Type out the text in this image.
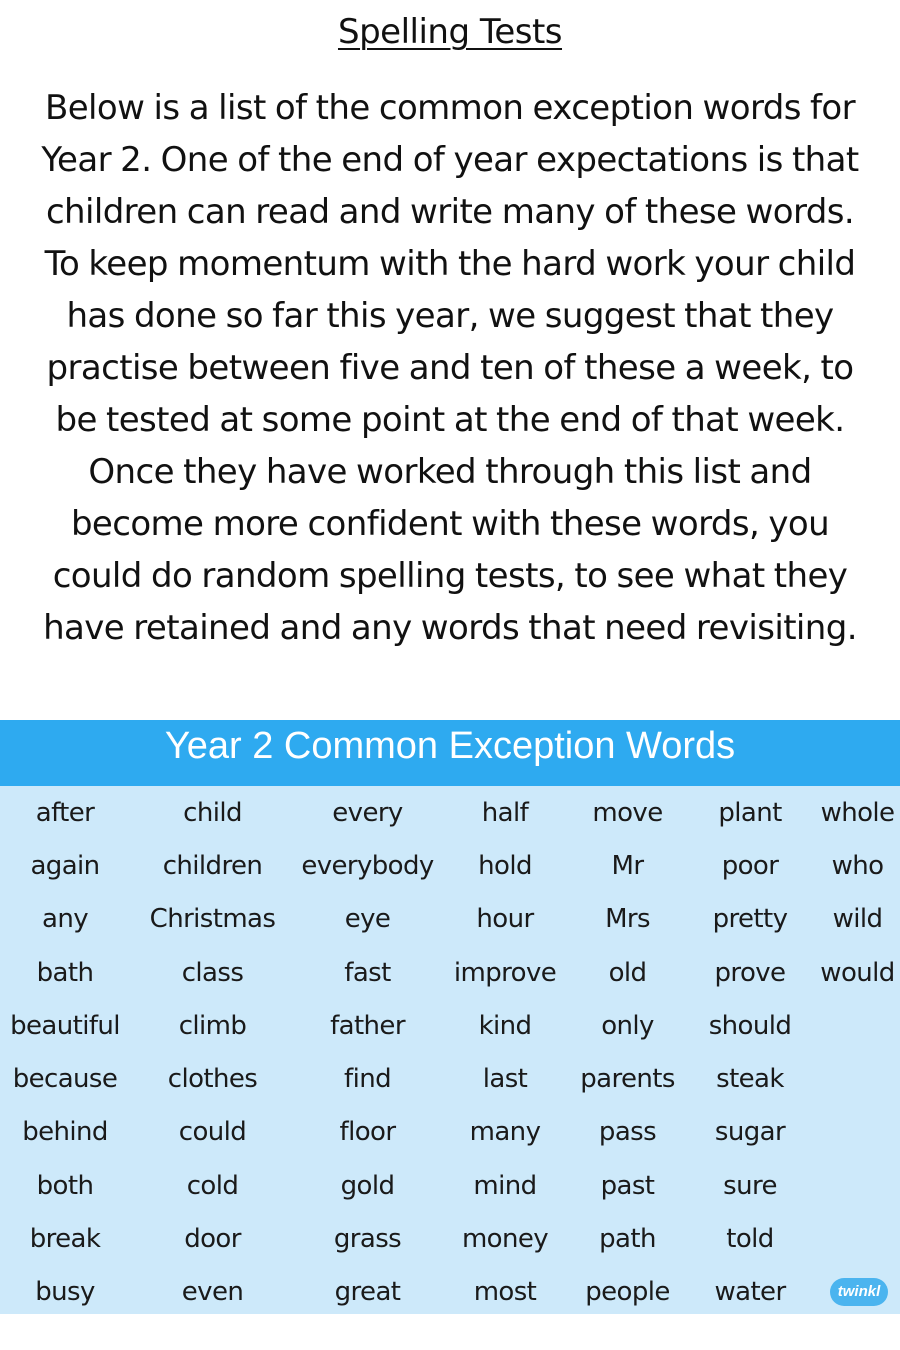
Spelling Tests
Below is a list of the common exception words for Year 2. One of the end of year expectations is that children can read and write many of these words. To keep momentum with the hard work your child has done so far this year, we suggest that they practise between five and ten of these a week, to be tested at some point at the end of that week. Once they have worked through this list and become more confident with these words, you could do random spelling tests, to see what they have retained and any words that need revisiting.
Year 2 Common Exception Words
after	child	every	half move plant whole
again children everybody hold	Mr	poor who
any Christmas	eye	hour	Mrs pretty wild
bath	class	fast improve old	prove would
beautiful climb	father	kind	only should
because clothes	find	last parents steak
behind	could	floor	many pass sugar
both	cold	gold	mind past	sure
break	door	grass money path	told
busy	even	great	most people water	twinkl
